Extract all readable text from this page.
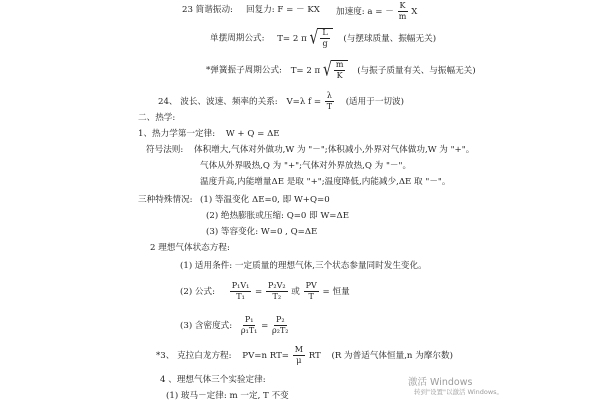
23 简谐振动: 回复力: F = － KX 加速度: a = － $\frac{K}{m}$ X
单摆周期公式: T= 2 π √ $\frac{L}{g}$ (与摆球质量、振幅无关)
*弹簧振子周期公式: T= 2 π √ $\frac{m}{K}$ (与振子质量有关、与振幅无关)
24、 波长、波速、频率的关系: V=λ $f = \frac{\lambda}{T}$ (适用于一切波)
二、热学:
1、热力学第一定律: W + Q = ΔE
符号法则: 体积增大,气体对外做功,W 为 "－";体积减小,外界对气体做功,W 为 "+"。
气体从外界吸热,Q 为 "+";气体对外界放热,Q 为 "－"。
温度升高,内能增量ΔE 是取 "+";温度降低,内能减少,ΔE 取 "－"。
三种特殊情况: (1) 等温变化 ΔE=0, 即 W+Q=0
(2) 绝热膨胀或压缩: Q=0 即 W=ΔE
(3) 等容变化: W=0 , Q=ΔE
2 理想气体状态方程:
(1) 适用条件: 一定质量的理想气体,三个状态参量同时发生变化。
(2) 公式: $\frac{\text{P₁V₁}}{\text{T₁}} = \frac{\text{P₂V₂}}{\text{T₂}}$ 或 $\frac{PV}{T}$ = 恒量
(3) 含密度式: $\frac{\text{P₁}}{\text{ρ₁T₁}} = \frac{\text{P₂}}{\text{ρ₂T₂}}$
*3、 克拉白龙方程: PV=n $RT= \frac{M}{\mu}$ RT (R 为普适气体恒量,n 为摩尔数)
4 、理想气体三个实验定律:
(1) 玻马－定律: m 一定, T 不变
激活 Windows
转到"设置"以激活 Windows。
